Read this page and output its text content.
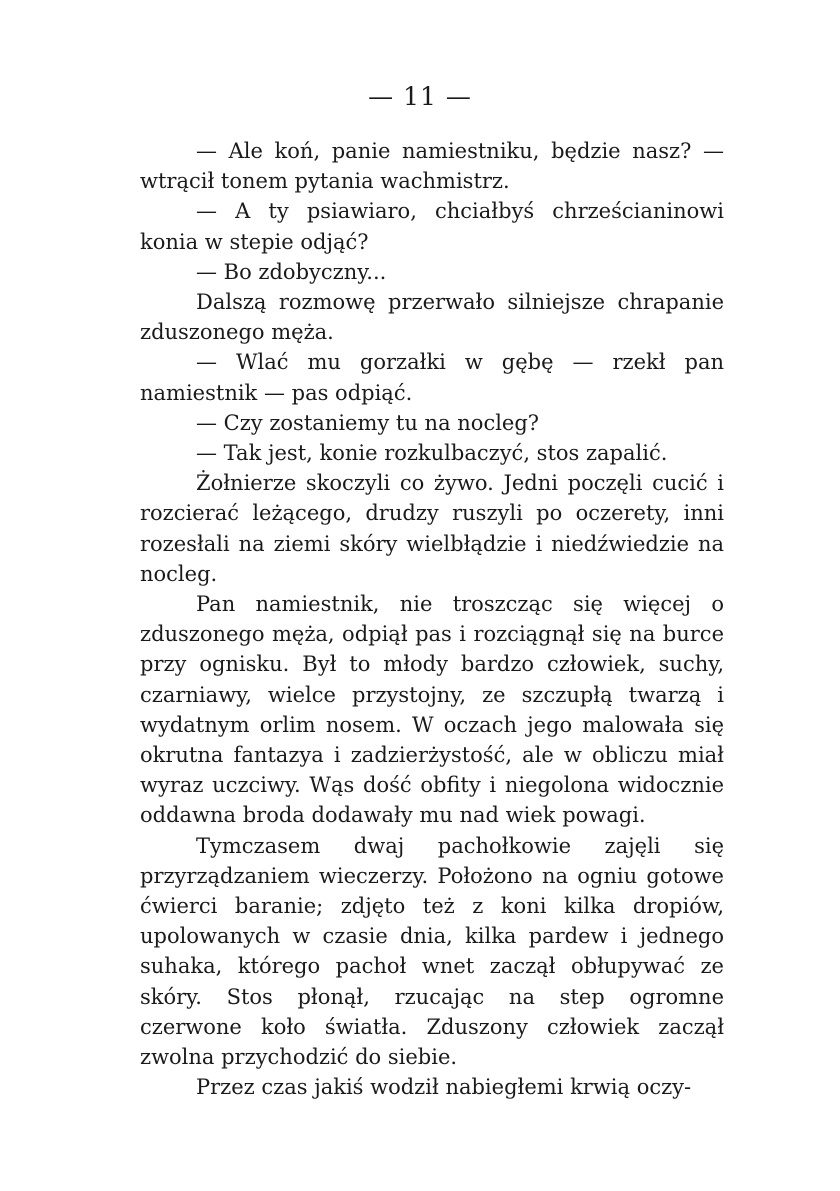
— 11 —

— Ale koń, panie namiestniku, będzie nasz? — wtrącił tonem pytania wachmistrz.

— A ty psiawiaro, chciałbyś chrześcianinowi konia w stepie odjąć?

— Bo zdobyczny...

Dalszą rozmowę przerwało silniejsze chrapanie zduszonego męża.

— Wlać mu gorzałki w gębę — rzekł pan namiestnik — pas odpiąć.

— Czy zostaniemy tu na nocleg?

— Tak jest, konie rozkulbaczyć, stos zapalić.

Żołnierze skoczyli co żywo. Jedni poczęli cucić i rozcierać leżącego, drudzy ruszyli po oczerety, inni rozesłali na ziemi skóry wielbłądzie i niedźwiedzie na nocleg.

Pan namiestnik, nie troszcząc się więcej o zduszonego męża, odpiął pas i rozciągnął się na burce przy ognisku. Był to młody bardzo człowiek, suchy, czarniawy, wielce przystojny, ze szczupłą twarzą i wydatnym orlim nosem. W oczach jego malowała się okrutna fantazya i zadzierżystość, ale w obliczu miał wyraz uczciwy. Wąs dość obfity i niegolona widocznie oddawna broda dodawały mu nad wiek powagi.

Tymczasem dwaj pachołkowie zajęli się przyrządzaniem wieczerzy. Położono na ogniu gotowe ćwierci baranie; zdjęto też z koni kilka dropiów, upolowanych w czasie dnia, kilka pardew i jednego suhaka, którego pachoł wnet zaczął obłupywać ze skóry. Stos płonął, rzucając na step ogromne czerwone koło światła. Zduszony człowiek zaczął zwolna przychodzić do siebie.

Przez czas jakiś wodził nabiegłemi krwią oczy-
